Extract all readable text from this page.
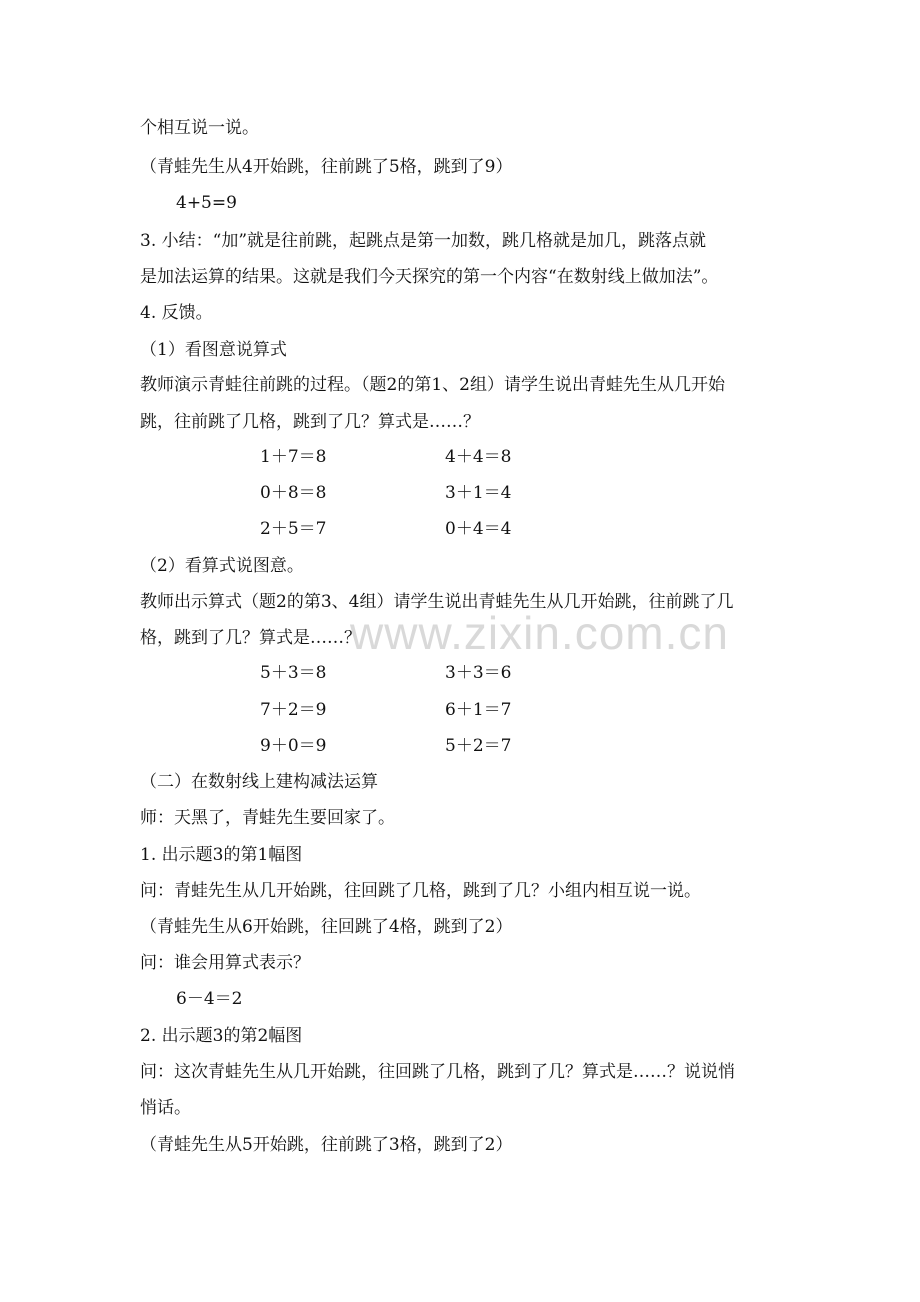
www.zixin.com.cn
个相互说一说。
（青蛙先生从4开始跳，往前跳了5格，跳到了9）
4+5=9
3. 小结：“加”就是往前跳，起跳点是第一加数，跳几格就是加几，跳落点就
是加法运算的结果。这就是我们今天探究的第一个内容“在数射线上做加法”。
4. 反馈。
（1）看图意说算式
教师演示青蛙往前跳的过程。（题2的第1、2组）请学生说出青蛙先生从几开始
跳，往前跳了几格，跳到了几？算式是……？
1＋7＝8	4＋4＝8
0＋8＝8	3＋1＝4
2＋5＝7	0＋4＝4
（2）看算式说图意。
教师出示算式（题2的第3、4组）请学生说出青蛙先生从几开始跳，往前跳了几
格，跳到了几？算式是……？
5＋3＝8	3＋3＝6
7＋2＝9	6＋1＝7
9＋0＝9	5＋2＝7
（二）在数射线上建构减法运算
师：天黑了，青蛙先生要回家了。
1. 出示题3的第1幅图
问：青蛙先生从几开始跳，往回跳了几格，跳到了几？小组内相互说一说。
（青蛙先生从6开始跳，往回跳了4格，跳到了2）
问：谁会用算式表示？
6－4＝2
2. 出示题3的第2幅图
问：这次青蛙先生从几开始跳，往回跳了几格，跳到了几？算式是……？说说悄
悄话。
（青蛙先生从5开始跳，往前跳了3格，跳到了2）
